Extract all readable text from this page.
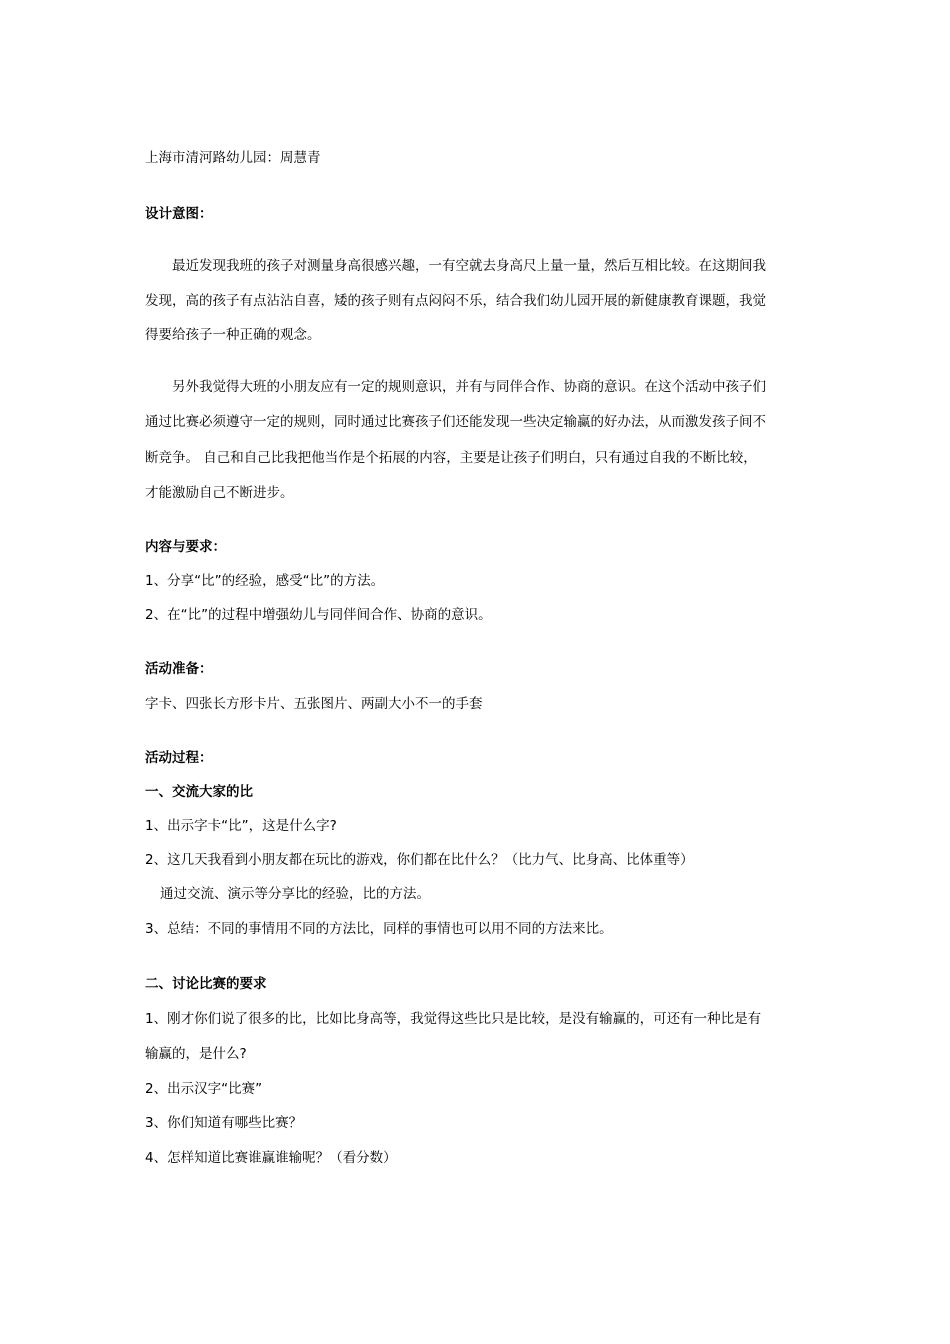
上海市清河路幼儿园：周慧青

设计意图：

最近发现我班的孩子对测量身高很感兴趣，一有空就去身高尺上量一量，然后互相比较。在这期间我

发现，高的孩子有点沾沾自喜，矮的孩子则有点闷闷不乐，结合我们幼儿园开展的新健康教育课题，我觉

得要给孩子一种正确的观念。

另外我觉得大班的小朋友应有一定的规则意识，并有与同伴合作、协商的意识。在这个活动中孩子们

通过比赛必须遵守一定的规则，同时通过比赛孩子们还能发现一些决定输赢的好办法，从而激发孩子间不

断竞争。 自己和自己比我把他当作是个拓展的内容，主要是让孩子们明白，只有通过自我的不断比较，

才能激励自己不断进步。

内容与要求：

1、分享“比”的经验，感受“比”的方法。

2、在“比”的过程中增强幼儿与同伴间合作、协商的意识。

活动准备：

字卡、四张长方形卡片、五张图片、两副大小不一的手套

活动过程：

一、交流大家的比

1、出示字卡“比”，这是什么字?

2、这几天我看到小朋友都在玩比的游戏，你们都在比什么？（比力气、比身高、比体重等）

通过交流、演示等分享比的经验，比的方法。

3、总结：不同的事情用不同的方法比，同样的事情也可以用不同的方法来比。

二、讨论比赛的要求

1、刚才你们说了很多的比，比如比身高等，我觉得这些比只是比较，是没有输赢的，可还有一种比是有

输赢的，是什么?

2、出示汉字“比赛”

3、你们知道有哪些比赛？

4、怎样知道比赛谁赢谁输呢？（看分数）
